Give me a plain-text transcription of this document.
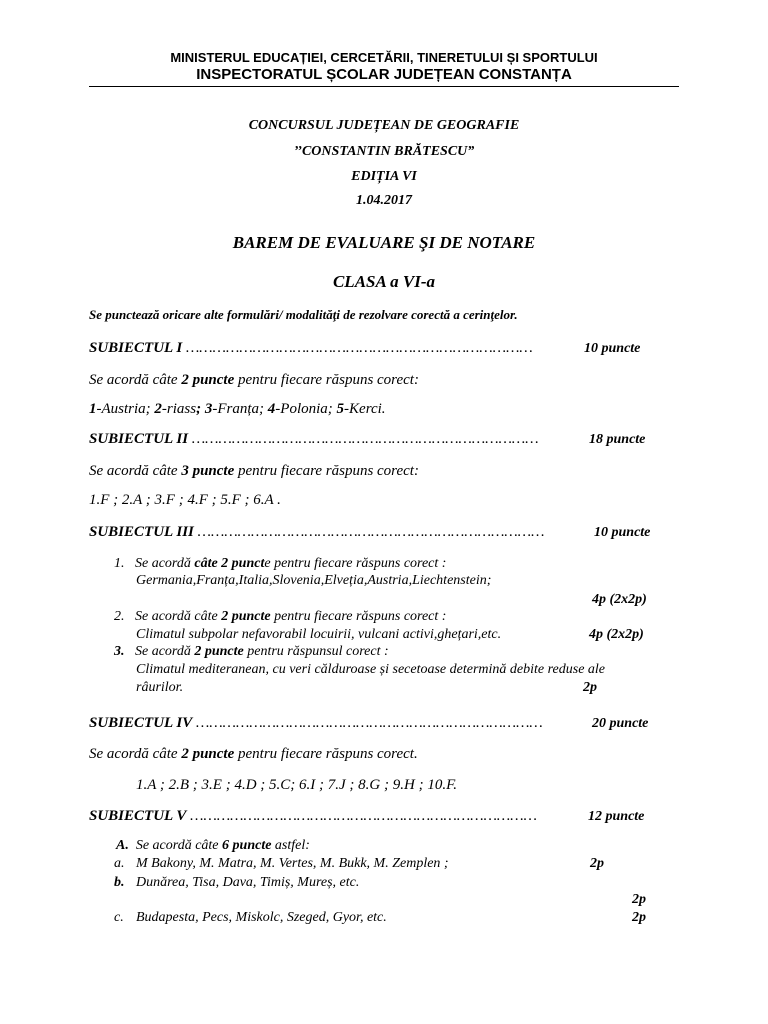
MINISTERUL EDUCAȚIEI, CERCETĂRII, TINERETULUI ȘI SPORTULUI
INSPECTORATUL ȘCOLAR JUDEȚEAN CONSTANȚA
CONCURSUL JUDEȚEAN DE GEOGRAFIE
’’CONSTANTIN BRĂTESCU”
EDIȚIA VI
1.04.2017
BAREM DE EVALUARE ŞI DE NOTARE
CLASA a VI-a
Se punctează oricare alte formulări/ modalităţi de rezolvare corectă a cerinţelor.
SUBIECTUL I ……………………………………………………………………	10 puncte
Se acordă câte 2 puncte pentru fiecare răspuns corect:
1-Austria; 2-riass; 3-Franța; 4-Polonia; 5-Kerci.
SUBIECTUL II ……………………………………………………………………	18 puncte
Se acordă câte 3 puncte pentru fiecare răspuns corect:
1.F ; 2.A ; 3.F ; 4.F ; 5.F ; 6.A .
SUBIECTUL III ……………………………………………………………………	10 puncte
1. Se acordă câte 2 puncte pentru fiecare răspuns corect :
Germania,Franța,Italia,Slovenia,Elveția,Austria,Liechtenstein;
4p (2x2p)
2. Se acordă câte 2 puncte pentru fiecare răspuns corect :
Climatul subpolar nefavorabil locuirii, vulcani activi,ghețari,etc.	4p (2x2p)
3. Se acordă 2 puncte pentru răspunsul corect :
Climatul mediteranean, cu veri călduroase și secetoase determină debite reduse ale
râurilor.	2p
SUBIECTUL IV ……………………………………………………………………	20 puncte
Se acordă câte 2 puncte pentru fiecare răspuns corect.
1.A ; 2.B ; 3.E ; 4.D ; 5.C; 6.I ; 7.J ; 8.G ; 9.H ; 10.F.
SUBIECTUL V ……………………………………………………………………	12 puncte
A. Se acordă câte 6 puncte astfel:
a. M Bakony, M. Matra, M. Vertes, M. Bukk, M. Zemplen ;	2p
b. Dunărea, Tisa, Dava, Timiș, Mureș, etc.
2p
c. Budapesta, Pecs, Miskolc, Szeged, Gyor, etc.	2p
